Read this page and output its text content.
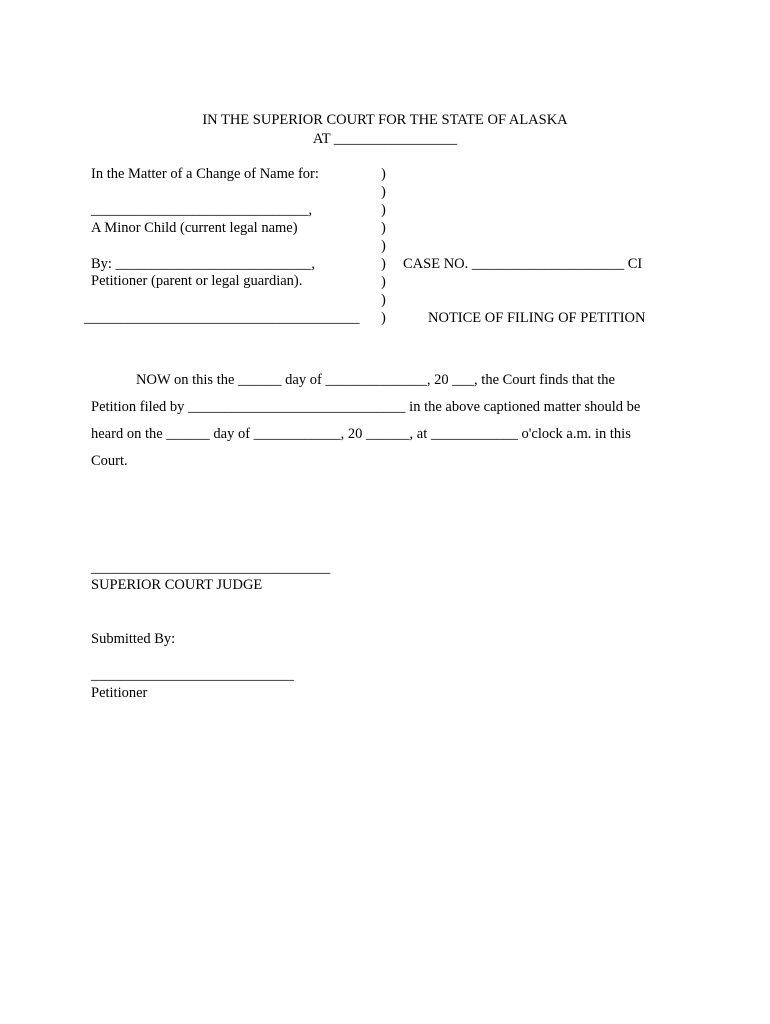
IN THE SUPERIOR COURT FOR THE STATE OF ALASKA
AT _________________
In the Matter of a Change of Name for:
______________________________,
A Minor Child (current legal name)
By: ___________________________,
Petitioner (parent or legal guardian).
______________________________________
)
)
)
)
)
)
)
)
)
CASE NO. _____________________ CI
NOTICE OF FILING OF PETITION
NOW on this the ______ day of ______________, 20 ___, the Court finds that the
Petition filed by ______________________________ in the above captioned matter should be
heard on the ______ day of ____________, 20 ______, at ____________ o'clock a.m. in this
Court.
_________________________________
SUPERIOR COURT JUDGE
Submitted By:
____________________________
Petitioner
